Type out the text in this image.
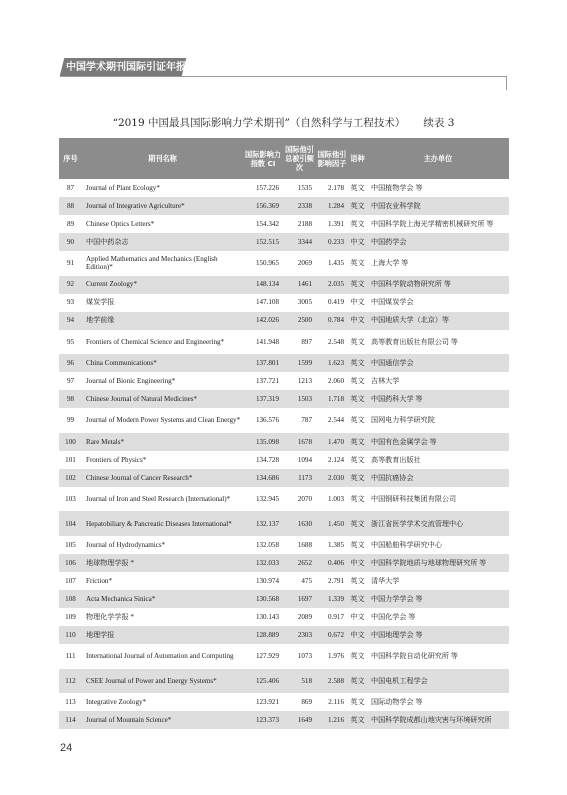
中国学术期刊国际引证年报
“2019 中国最具国际影响力学术期刊”（自然科学与工程技术） 续表 3
序号	期刊名称	国际影响力指数 CI	国际他引总被引频次	国际他引影响因子	语种	主办单位
87	Journal of Plant Ecology*	157.226	1535	2.178	英文	中国植物学会 等
88	Journal of Integrative Agriculture*	156.369	2338	1.284	英文	中国农业科学院
89	Chinese Optics Letters*	154.342	2188	1.391	英文	中国科学院上海光学精密机械研究所 等
90	中国中药杂志	152.515	3344	0.233	中文	中国药学会
91	Applied Mathematics and Mechanics (English Edition)*	150.965	2069	1.435	英文	上海大学 等
92	Current Zoology*	148.134	1461	2.035	英文	中国科学院动物研究所 等
93	煤炭学报	147.108	3005	0.419	中文	中国煤炭学会
94	地学前缘	142.026	2500	0.784	中文	中国地质大学（北京）等
95	Frontiers of Chemical Science and Engineering*	141.948	897	2.548	英文	高等教育出版社有限公司 等
96	China Communications*	137.801	1599	1.623	英文	中国通信学会
97	Journal of Bionic Engineering*	137.721	1213	2.060	英文	吉林大学
98	Chinese Journal of Natural Medicines*	137.319	1503	1.718	英文	中国药科大学 等
99	Journal of Modern Power Systems and Clean Energy*	136.576	787	2.544	英文	国网电力科学研究院
100	Rare Metals*	135.098	1678	1.470	英文	中国有色金属学会 等
101	Frontiers of Physics*	134.728	1094	2.124	英文	高等教育出版社
102	Chinese Journal of Cancer Research*	134.686	1173	2.030	英文	中国抗癌协会
103	Journal of Iron and Steel Research (International)*	132.945	2070	1.003	英文	中国钢研科技集团有限公司
104	Hepatobiliary & Pancreatic Diseases International*	132.137	1630	1.450	英文	浙江省医学学术交流管理中心
105	Journal of Hydrodynamics*	132.058	1688	1.385	英文	中国船舶科学研究中心
106	地球物理学报 *	132.033	2652	0.406	中文	中国科学院地质与地球物理研究所 等
107	Friction*	130.974	475	2.791	英文	清华大学
108	Acta Mechanica Sinica*	130.568	1697	1.339	英文	中国力学学会 等
109	物理化学学报 *	130.143	2089	0.917	中文	中国化学会 等
110	地理学报	128.889	2303	0.672	中文	中国地理学会 等
111	International Journal of Automation and Computing	127.929	1073	1.976	英文	中国科学院自动化研究所 等
112	CSEE Journal of Power and Energy Systems*	125.406	518	2.588	英文	中国电机工程学会
113	Integrative Zoology*	123.921	869	2.116	英文	国际动物学会 等
114	Journal of Mountain Science*	123.373	1649	1.216	英文	中国科学院成都山地灾害与环境研究所
24
